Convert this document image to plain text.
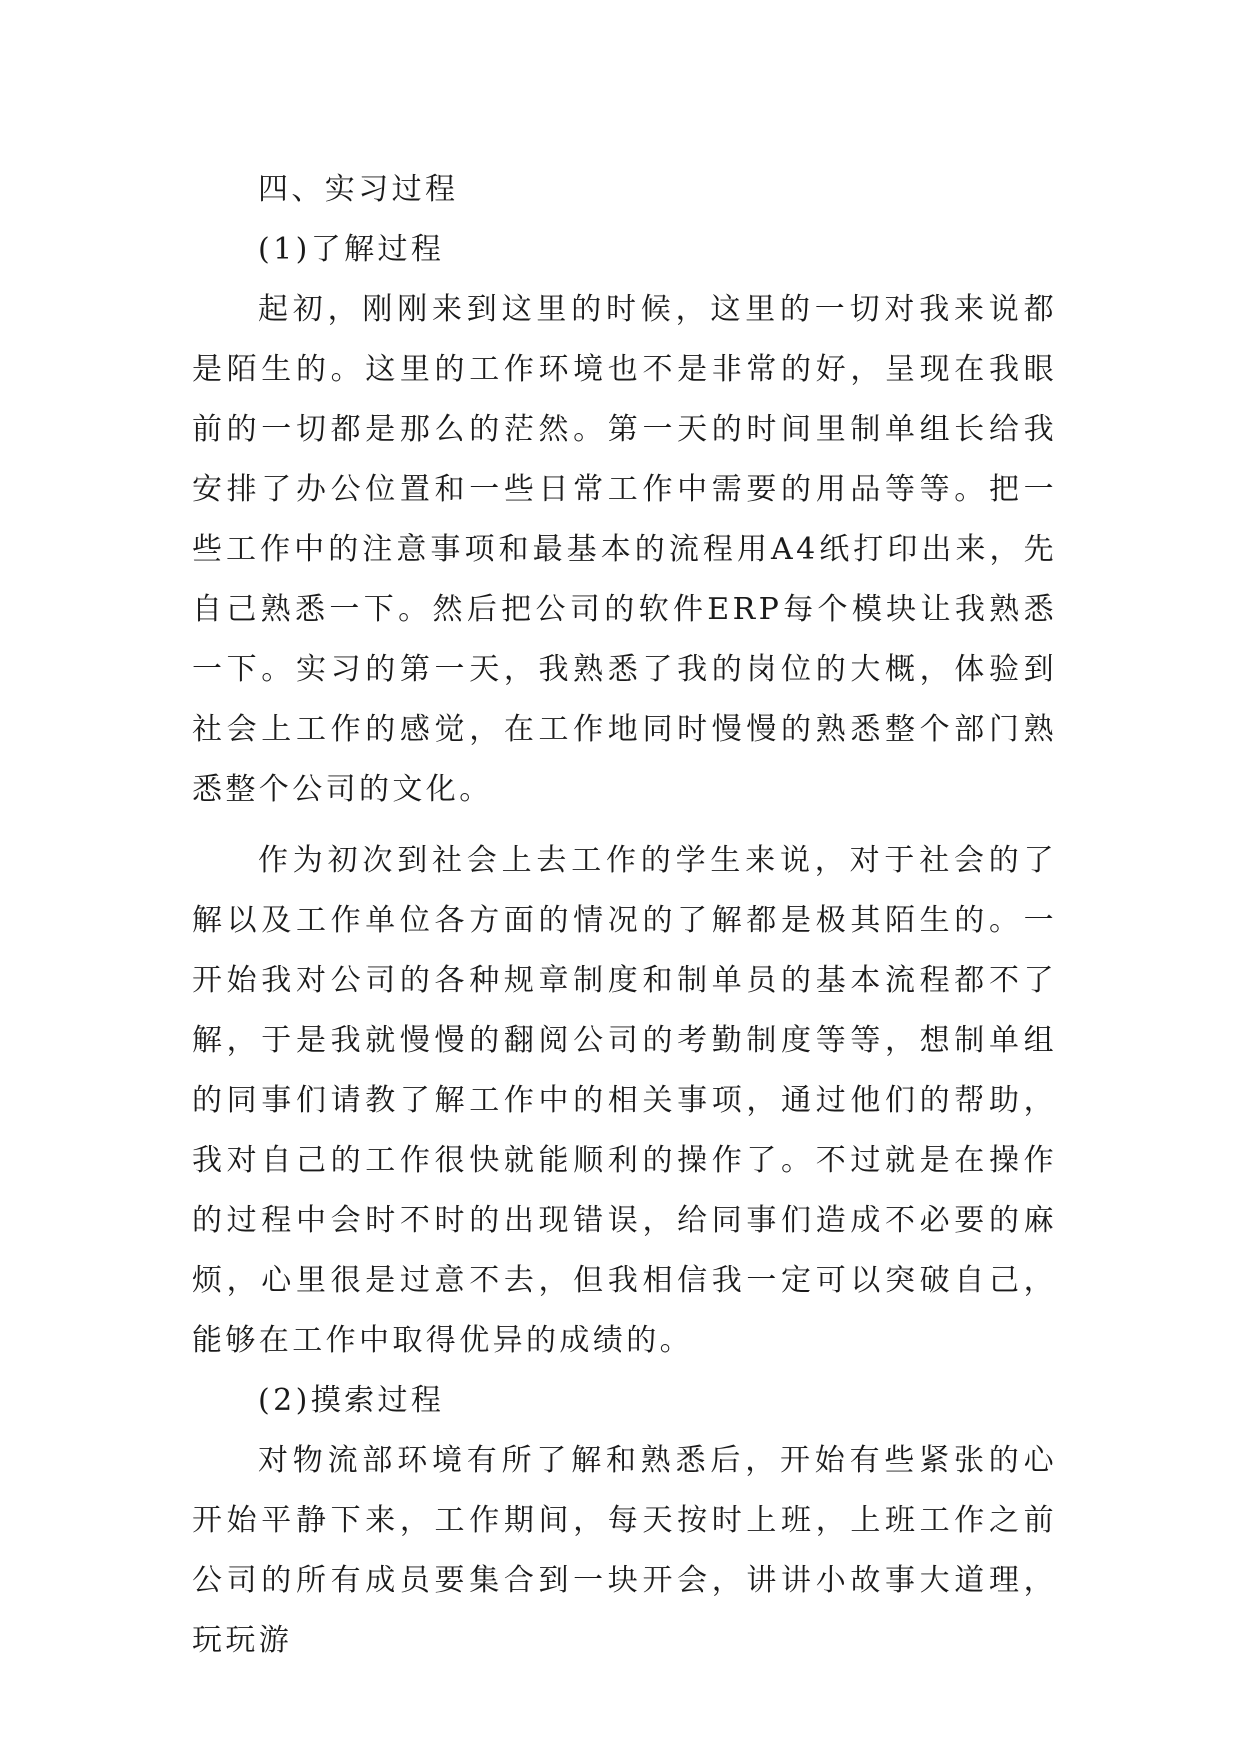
四、实习过程

(1)了解过程

起初，刚刚来到这里的时候，这里的一切对我来说都是陌生的。这里的工作环境也不是非常的好，呈现在我眼前的一切都是那么的茫然。第一天的时间里制单组长给我安排了办公位置和一些日常工作中需要的用品等等。把一些工作中的注意事项和最基本的流程用A4纸打印出来，先自己熟悉一下。然后把公司的软件ERP每个模块让我熟悉一下。实习的第一天，我熟悉了我的岗位的大概，体验到社会上工作的感觉，在工作地同时慢慢的熟悉整个部门熟悉整个公司的文化。

作为初次到社会上去工作的学生来说，对于社会的了解以及工作单位各方面的情况的了解都是极其陌生的。一开始我对公司的各种规章制度和制单员的基本流程都不了解，于是我就慢慢的翻阅公司的考勤制度等等，想制单组的同事们请教了解工作中的相关事项，通过他们的帮助，我对自己的工作很快就能顺利的操作了。不过就是在操作的过程中会时不时的出现错误，给同事们造成不必要的麻烦，心里很是过意不去，但我相信我一定可以突破自己，能够在工作中取得优异的成绩的。

(2)摸索过程

对物流部环境有所了解和熟悉后，开始有些紧张的心开始平静下来，工作期间，每天按时上班，上班工作之前公司的所有成员要集合到一块开会，讲讲小故事大道理，玩玩游
